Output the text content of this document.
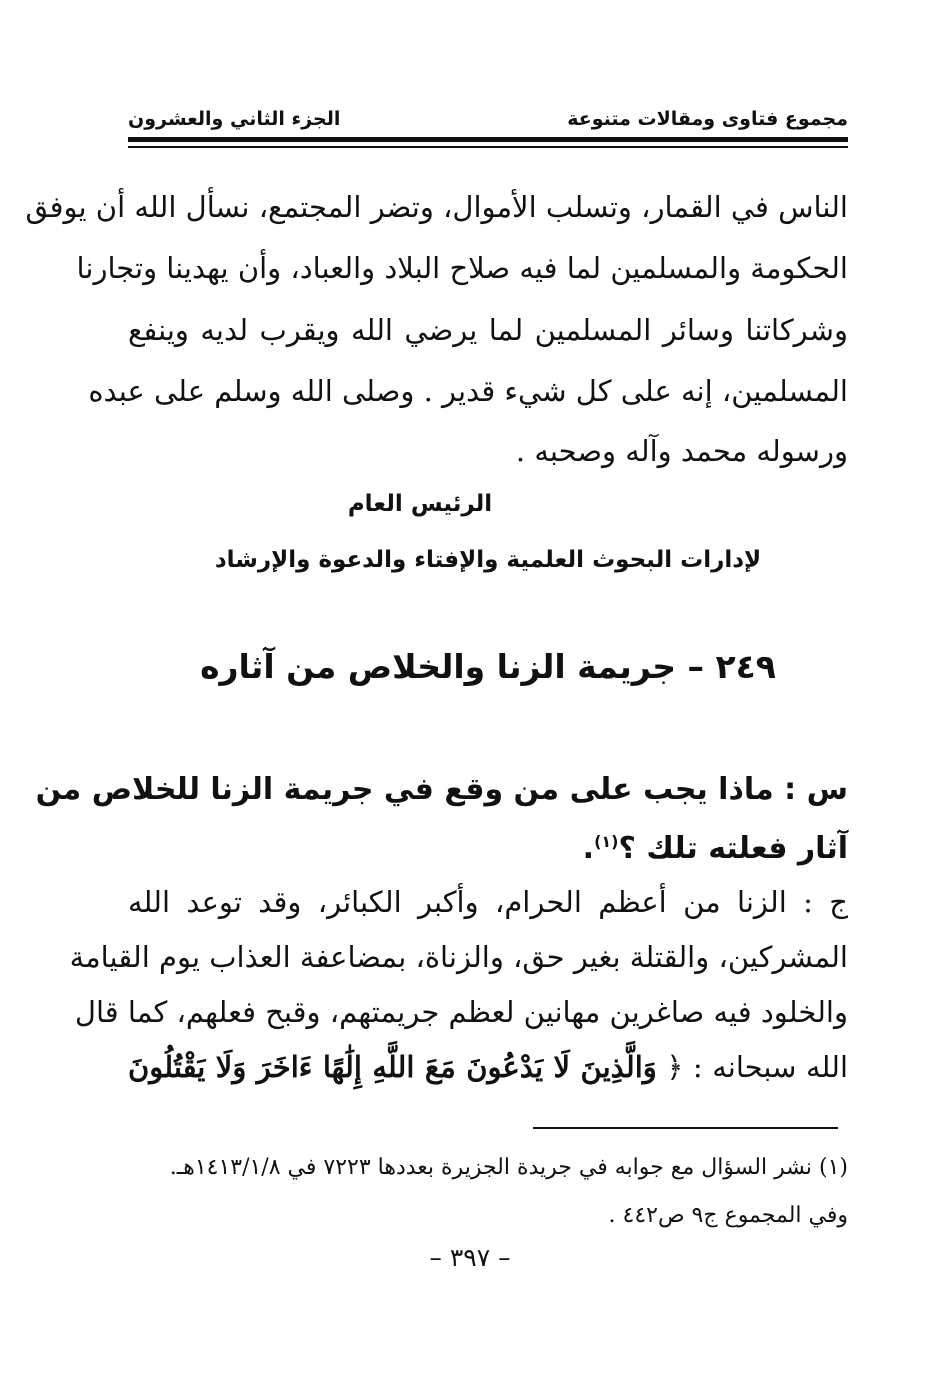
مجموع فتاوى ومقالات متنوعة
الجزء الثاني والعشرون
الناس في القمار، وتسلب الأموال، وتضر المجتمع، نسأل الله أن يوفق
الحكومة والمسلمين لما فيه صلاح البلاد والعباد، وأن يهدينا وتجارنا
وشركاتنا وسائر المسلمين لما يرضي الله ويقرب لديه وينفع
المسلمين، إنه على كل شيء قدير . وصلى الله وسلم على عبده
ورسوله محمد وآله وصحبه .
الرئيس العام
لإدارات البحوث العلمية والإفتاء والدعوة والإرشاد
٢٤٩ – جريمة الزنا والخلاص من آثاره
س : ماذا يجب على من وقع في جريمة الزنا للخلاص من
آثار فعلته تلك ؟$^{(١)}$.
ج : الزنا من أعظم الحرام، وأكبر الكبائر، وقد توعد الله
المشركين، والقتلة بغير حق، والزناة، بمضاعفة العذاب يوم القيامة
والخلود فيه صاغرين مهانين لعظم جريمتهم، وقبح فعلهم، كما قال
الله سبحانه : ﴿ وَالَّذِينَ لَا يَدْعُونَ مَعَ اللَّهِ إِلَٰهًا ءَاخَرَ وَلَا يَقْتُلُونَ
(١) نشر السؤال مع جوابه في جريدة الجزيرة بعددها ٧٢٢٣ في ١٤١٣/١/٨هـ.
وفي المجموع ج٩ ص٤٤٢ .
– ٣٩٧ –
